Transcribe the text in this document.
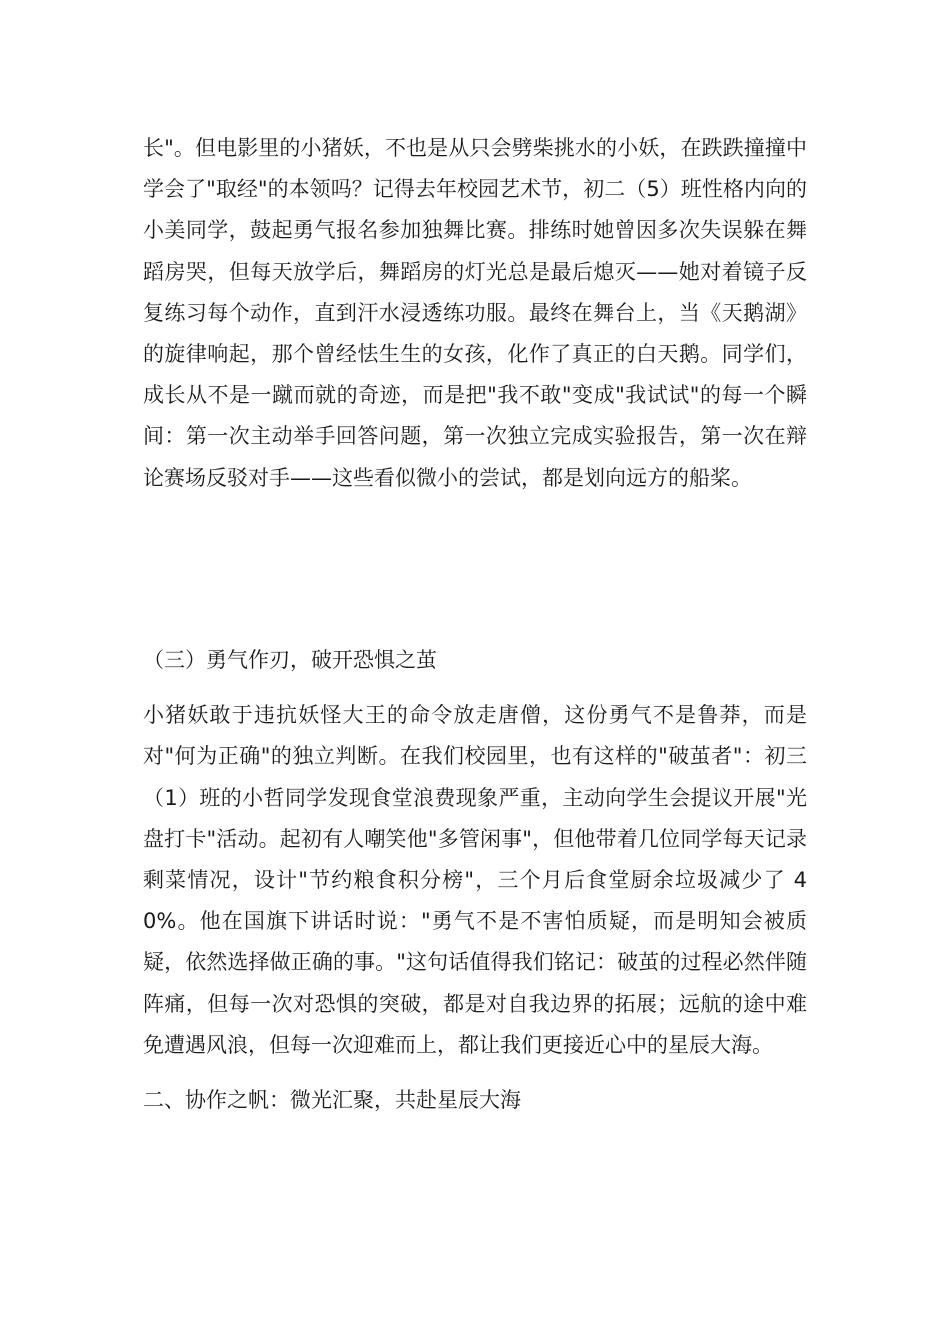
长"。但电影里的小猪妖，不也是从只会劈柴挑水的小妖，在跌跌撞撞中学会了"取经"的本领吗？记得去年校园艺术节，初二（5）班性格内向的小美同学，鼓起勇气报名参加独舞比赛。排练时她曾因多次失误躲在舞蹈房哭，但每天放学后，舞蹈房的灯光总是最后熄灭——她对着镜子反复练习每个动作，直到汗水浸透练功服。最终在舞台上，当《天鹅湖》的旋律响起，那个曾经怯生生的女孩，化作了真正的白天鹅。同学们，成长从不是一蹴而就的奇迹，而是把"我不敢"变成"我试试"的每一个瞬间：第一次主动举手回答问题，第一次独立完成实验报告，第一次在辩论赛场反驳对手——这些看似微小的尝试，都是划向远方的船桨。

（三）勇气作刃，破开恐惧之茧

小猪妖敢于违抗妖怪大王的命令放走唐僧，这份勇气不是鲁莽，而是对"何为正确"的独立判断。在我们校园里，也有这样的"破茧者"：初三（1）班的小哲同学发现食堂浪费现象严重，主动向学生会提议开展"光盘打卡"活动。起初有人嘲笑他"多管闲事"，但他带着几位同学每天记录剩菜情况，设计"节约粮食积分榜"，三个月后食堂厨余垃圾减少了 40%。他在国旗下讲话时说："勇气不是不害怕质疑，而是明知会被质疑，依然选择做正确的事。"这句话值得我们铭记：破茧的过程必然伴随阵痛，但每一次对恐惧的突破，都是对自我边界的拓展；远航的途中难免遭遇风浪，但每一次迎难而上，都让我们更接近心中的星辰大海。

二、协作之帆：微光汇聚，共赴星辰大海
